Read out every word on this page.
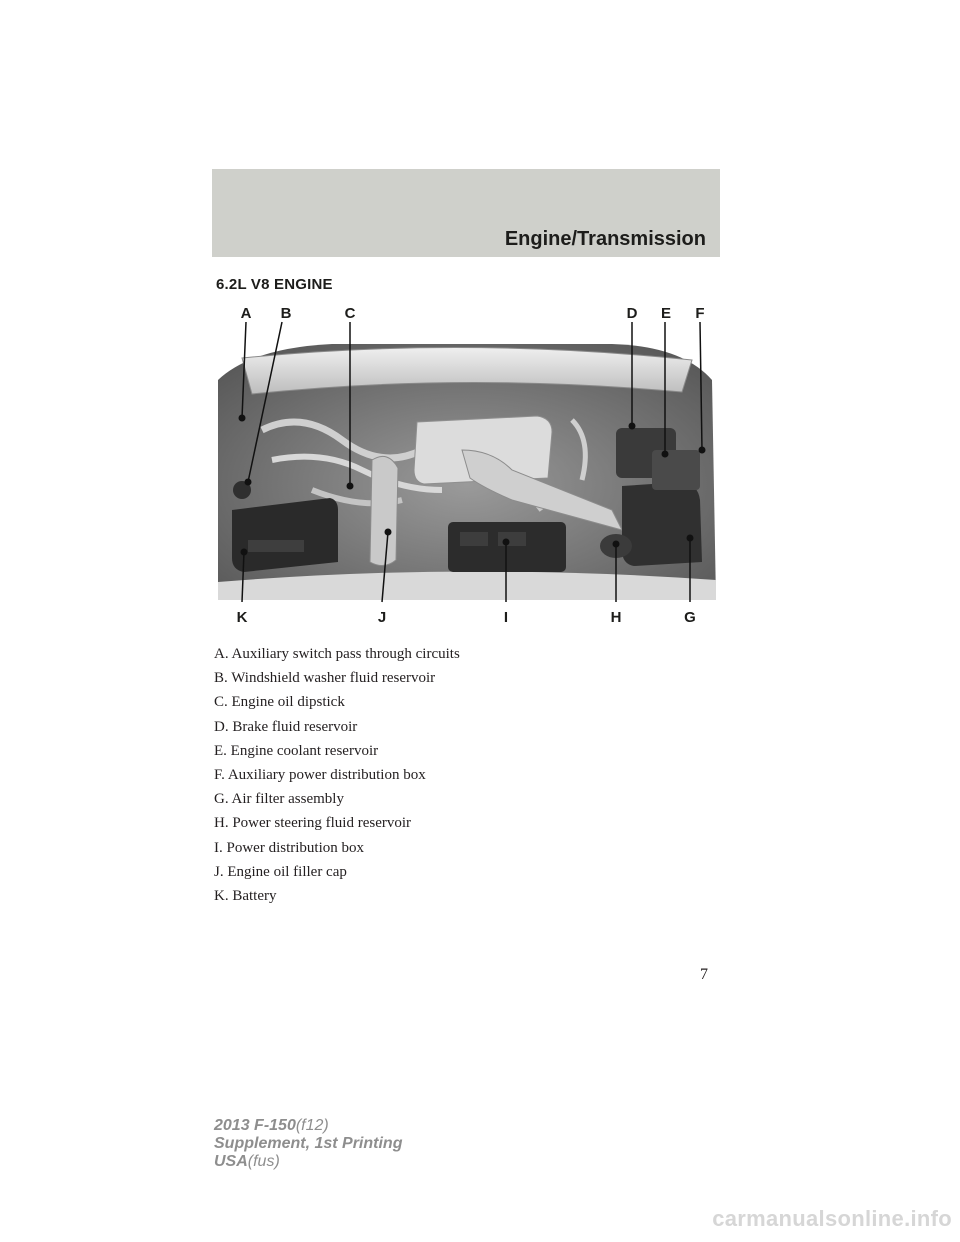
Engine/Transmission
6.2L V8 ENGINE
A B	C	D E F
K	J	I	H	G
A. Auxiliary switch pass through circuits
B. Windshield washer fluid reservoir
C. Engine oil dipstick
D. Brake fluid reservoir
E. Engine coolant reservoir
F. Auxiliary power distribution box
G. Air filter assembly
H. Power steering fluid reservoir
I. Power distribution box
J. Engine oil filler cap
K. Battery
7
2013 F-150(f12)
Supplement, 1st Printing
USA(fus)
carmanualsonline.info
